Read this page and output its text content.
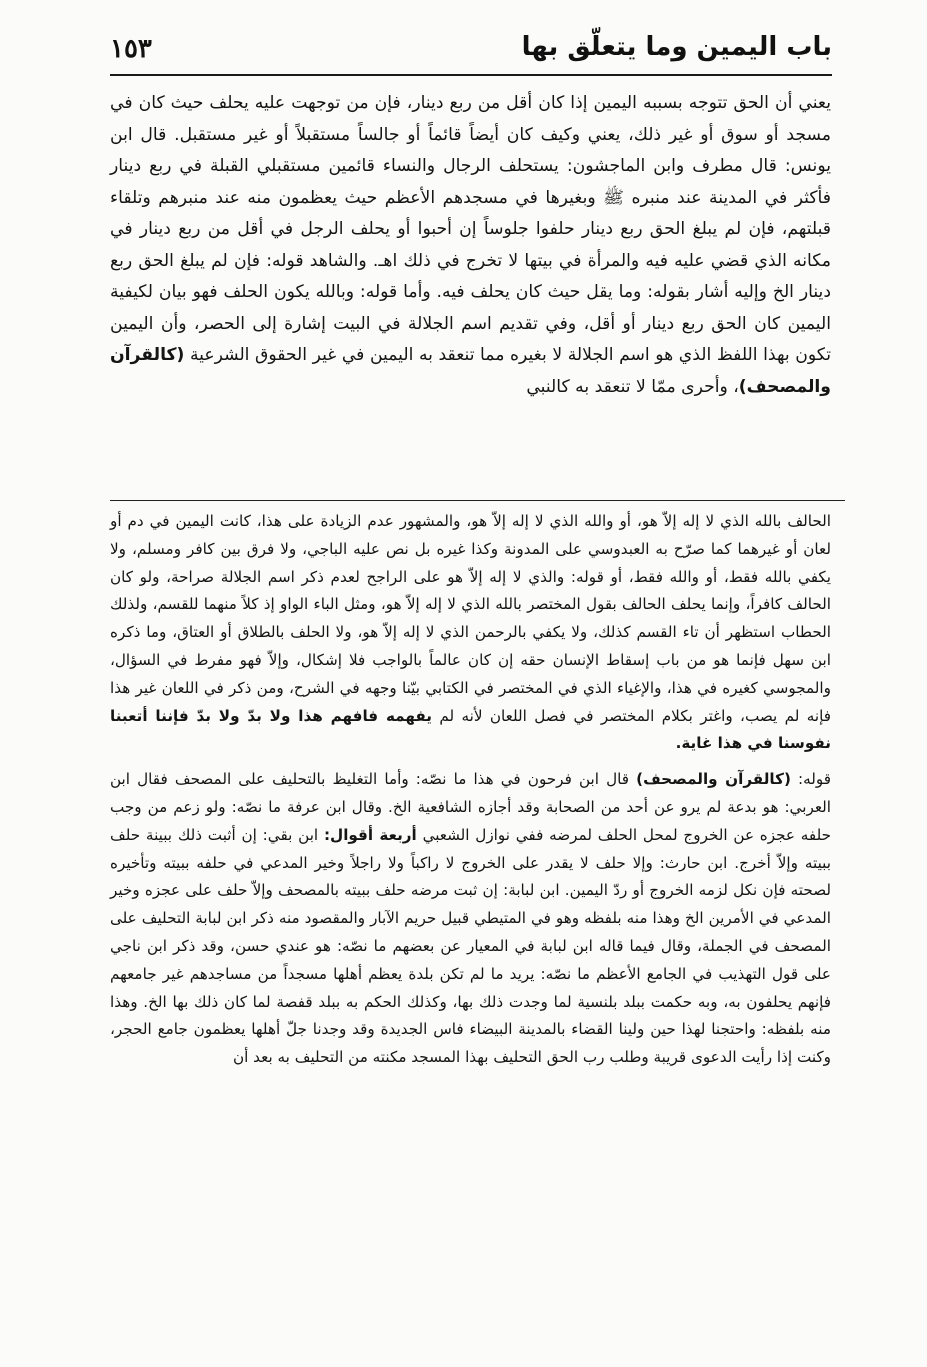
١٥٣	باب اليمين وما يتعلّق بها

يعني أن الحق تتوجه بسببه اليمين إذا كان أقل من ربع دينار، فإن من توجهت عليه يحلف حيث كان في مسجد أو سوق أو غير ذلك، يعني وكيف كان أيضاً قائماً أو جالساً مستقبلاً أو غير مستقبل. قال ابن يونس: قال مطرف وابن الماجشون: يستحلف الرجال والنساء قائمين مستقبلي القبلة في ربع دينار فأكثر في المدينة عند منبره ﷺ وبغيرها في مسجدهم الأعظم حيث يعظمون منه عند منبرهم وتلقاء قبلتهم، فإن لم يبلغ الحق ربع دينار حلفوا جلوساً إن أحبوا أو يحلف الرجل في أقل من ربع دينار في مكانه الذي قضي عليه فيه والمرأة في بيتها لا تخرج في ذلك اهـ. والشاهد قوله: فإن لم يبلغ الحق ربع دينار الخ وإليه أشار بقوله: وما يقل حيث كان يحلف فيه. وأما قوله: وبالله يكون الحلف فهو بيان لكيفية اليمين كان الحق ربع دينار أو أقل، وفي تقديم اسم الجلالة في البيت إشارة إلى الحصر، وأن اليمين تكون بهذا اللفظ الذي هو اسم الجلالة لا بغيره مما تنعقد به اليمين في غير الحقوق الشرعية (كالقرآن والمصحف)، وأحرى ممّا لا تنعقد به كالنبي

الحالف بالله الذي لا إله إلاّ هو، أو والله الذي لا إله إلاّ هو، والمشهور عدم الزيادة على هذا، كانت اليمين في دم أو لعان أو غيرهما كما صرّح به العبدوسي على المدونة وكذا غيره بل نص عليه الباجي، ولا فرق بين كافر ومسلم، ولا يكفي بالله فقط، أو والله فقط، أو قوله: والذي لا إله إلاّ هو على الراجح لعدم ذكر اسم الجلالة صراحة، ولو كان الحالف كافراً، وإنما يحلف الحالف بقول المختصر بالله الذي لا إله إلاّ هو، ومثل الباء الواو إذ كلاً منهما للقسم، ولذلك الحطاب استظهر أن تاء القسم كذلك، ولا يكفي بالرحمن الذي لا إله إلاّ هو، ولا الحلف بالطلاق أو العتاق، وما ذكره ابن سهل فإنما هو من باب إسقاط الإنسان حقه إن كان عالماً بالواجب فلا إشكال، وإلاّ فهو مفرط في السؤال، والمجوسي كغيره في هذا، والإغياء الذي في المختصر في الكتابي بيّنا وجهه في الشرح، ومن ذكر في اللعان غير هذا فإنه لم يصب، واغتر بكلام المختصر في فصل اللعان لأنه لم يفهمه فافهم هذا ولا بدّ ولا بدّ فإننا أتعبنا نفوسنا في هذا غاية.

قوله: (كالقرآن والمصحف) قال ابن فرحون في هذا ما نصّه: وأما التغليظ بالتحليف على المصحف فقال ابن العربي: هو بدعة لم يرو عن أحد من الصحابة وقد أجازه الشافعية الخ. وقال ابن عرفة ما نصّه: ولو زعم من وجب حلفه عجزه عن الخروج لمحل الحلف لمرضه ففي نوازل الشعبي أربعة أقوال: ابن بقي: إن أثبت ذلك ببينة حلف ببيته وإلاّ أخرج. ابن حارث: وإلا حلف لا يقدر على الخروج لا راكباً ولا راجلاً وخير المدعي في حلفه ببيته وتأخيره لصحته فإن نكل لزمه الخروج أو ردّ اليمين. ابن لبابة: إن ثبت مرضه حلف ببيته بالمصحف وإلاّ حلف على عجزه وخير المدعي في الأمرين الخ وهذا منه بلفظه وهو في المتيطي قبيل حريم الآبار والمقصود منه ذكر ابن لبابة التحليف على المصحف في الجملة، وقال فيما قاله ابن لبابة في المعيار عن بعضهم ما نصّه: هو عندي حسن، وقد ذكر ابن ناجي على قول التهذيب في الجامع الأعظم ما نصّه: يريد ما لم تكن بلدة يعظم أهلها مسجداً من مساجدهم غير جامعهم فإنهم يحلفون به، وبه حكمت ببلد بلنسية لما وجدت ذلك بها، وكذلك الحكم به ببلد قفصة لما كان ذلك بها الخ. وهذا منه بلفظه: واحتجنا لهذا حين ولينا القضاء بالمدينة البيضاء فاس الجديدة وقد وجدنا جلّ أهلها يعظمون جامع الحجر، وكنت إذا رأيت الدعوى قريبة وطلب رب الحق التحليف بهذا المسجد مكنته من التحليف به بعد أن
